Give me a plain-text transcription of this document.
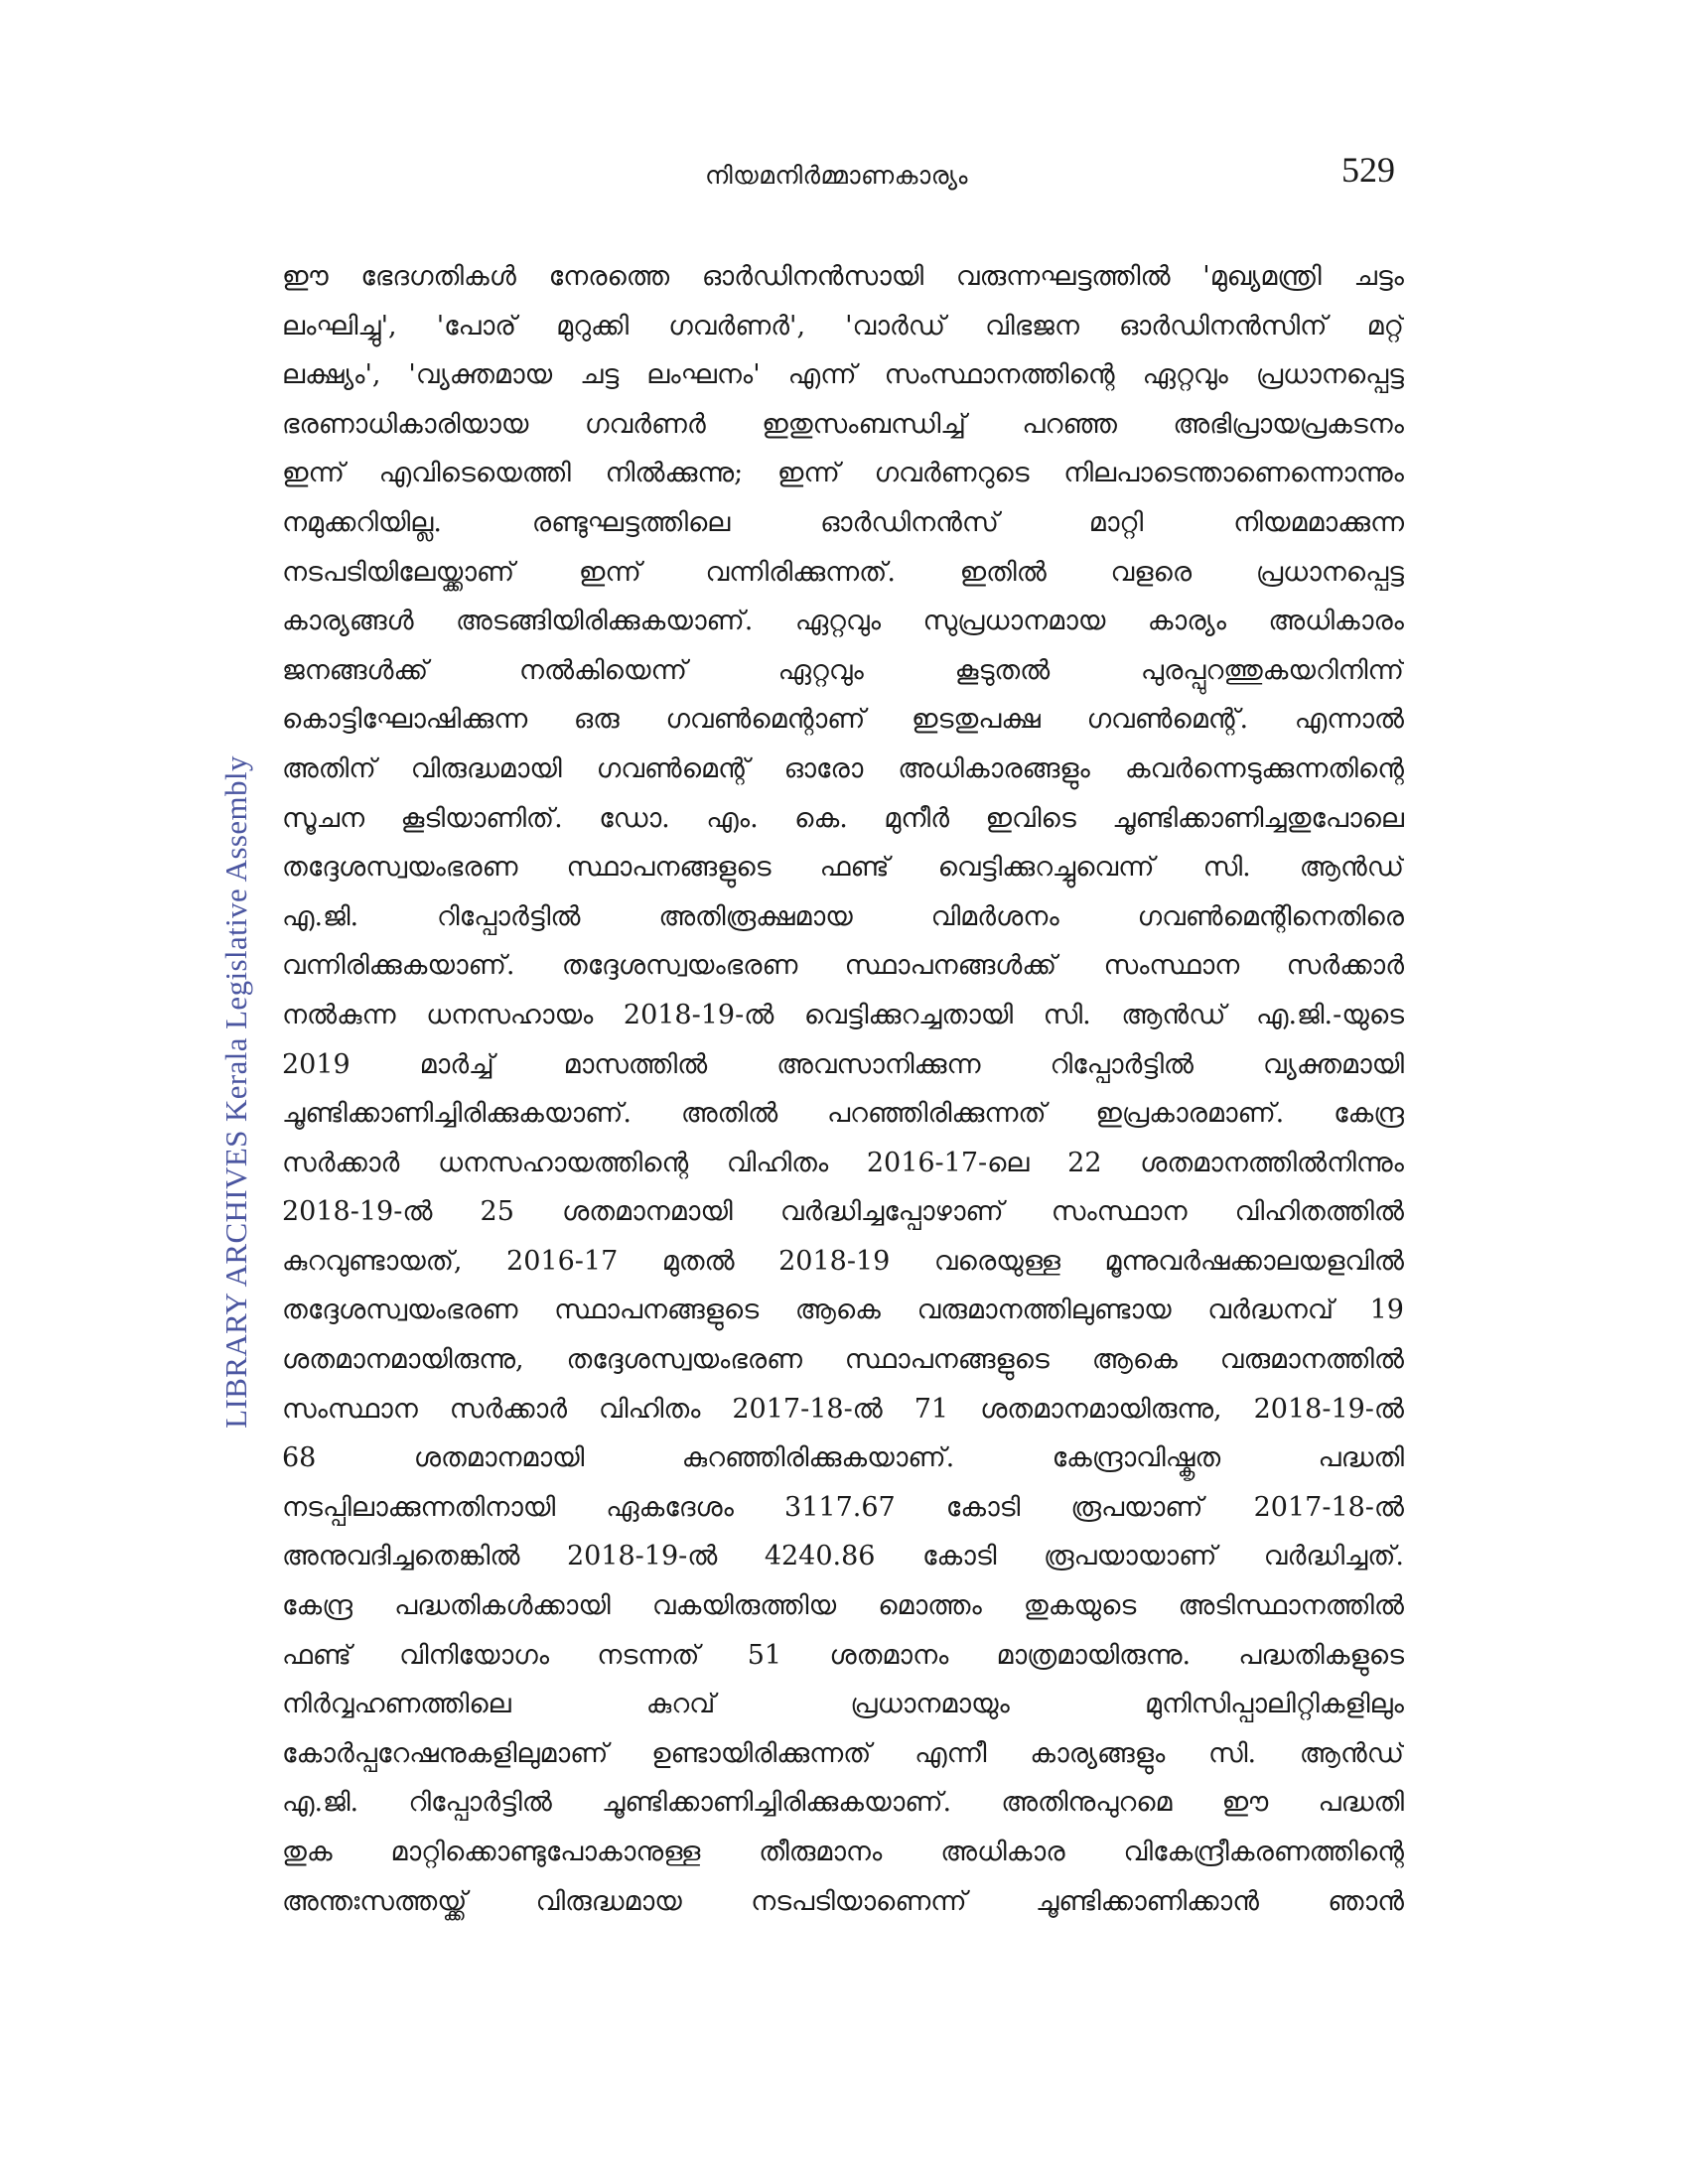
നിയമനിർമ്മാണകാര്യം	529
LIBRARY ARCHIVES Kerala Legislative Assembly
ഈ ഭേദഗതികൾ നേരത്തെ ഓർഡിനൻസായി വരുന്നഘട്ടത്തിൽ 'മുഖ്യമന്ത്രി ചട്ടം
ലംഘിച്ചു', 'പോര് മുറുക്കി ഗവർണർ', 'വാർഡ് വിഭജന ഓർഡിനൻസിന് മറ്റ്
ലക്ഷ്യം', 'വ്യക്തമായ ചട്ട ലംഘനം' എന്ന് സംസ്ഥാനത്തിന്റെ ഏറ്റവും പ്രധാനപ്പെട്ട
ഭരണാധികാരിയായ ഗവർണർ ഇതുസംബന്ധിച്ച് പറഞ്ഞ അഭിപ്രായപ്രകടനം
ഇന്ന് എവിടെയെത്തി നിൽക്കുന്നു; ഇന്ന് ഗവർണറുടെ നിലപാടെന്താണെന്നൊന്നും
നമുക്കറിയില്ല. രണ്ടുഘട്ടത്തിലെ ഓർഡിനൻസ് മാറ്റി നിയമമാക്കുന്ന
നടപടിയിലേയ്ക്കാണ് ഇന്ന് വന്നിരിക്കുന്നത്. ഇതിൽ വളരെ പ്രധാനപ്പെട്ട
കാര്യങ്ങൾ അടങ്ങിയിരിക്കുകയാണ്. ഏറ്റവും സുപ്രധാനമായ കാര്യം അധികാരം
ജനങ്ങൾക്ക് നൽകിയെന്ന് ഏറ്റവും കൂടുതൽ പുരപ്പുറത്തുകയറിനിന്ന്
കൊട്ടിഘോഷിക്കുന്ന ഒരു ഗവൺമെന്റാണ് ഇടതുപക്ഷ ഗവൺമെന്റ്. എന്നാൽ
അതിന് വിരുദ്ധമായി ഗവൺമെന്റ് ഓരോ അധികാരങ്ങളും കവർന്നെടുക്കുന്നതിന്റെ
സൂചന കൂടിയാണിത്. ഡോ. എം. കെ. മുനീർ ഇവിടെ ചൂണ്ടിക്കാണിച്ചതുപോലെ
തദ്ദേശസ്വയംഭരണ സ്ഥാപനങ്ങളുടെ ഫണ്ട് വെട്ടിക്കുറച്ചുവെന്ന് സി. ആൻഡ്
എ.ജി. റിപ്പോർട്ടിൽ അതിരൂക്ഷമായ വിമർശനം ഗവൺമെന്റിനെതിരെ
വന്നിരിക്കുകയാണ്. തദ്ദേശസ്വയംഭരണ സ്ഥാപനങ്ങൾക്ക് സംസ്ഥാന സർക്കാർ
നൽകുന്ന ധനസഹായം 2018-19-ൽ വെട്ടിക്കുറച്ചതായി സി. ആൻഡ് എ.ജി.-യുടെ
2019 മാർച്ച് മാസത്തിൽ അവസാനിക്കുന്ന റിപ്പോർട്ടിൽ വ്യക്തമായി
ചൂണ്ടിക്കാണിച്ചിരിക്കുകയാണ്. അതിൽ പറഞ്ഞിരിക്കുന്നത് ഇപ്രകാരമാണ്. കേന്ദ്ര
സർക്കാർ ധനസഹായത്തിന്റെ വിഹിതം 2016-17-ലെ 22 ശതമാനത്തിൽനിന്നും
2018-19-ൽ 25 ശതമാനമായി വർദ്ധിച്ചപ്പോഴാണ് സംസ്ഥാന വിഹിതത്തിൽ
കുറവുണ്ടായത്, 2016-17 മുതൽ 2018-19 വരെയുള്ള മൂന്നുവർഷക്കാലയളവിൽ
തദ്ദേശസ്വയംഭരണ സ്ഥാപനങ്ങളുടെ ആകെ വരുമാനത്തിലുണ്ടായ വർദ്ധനവ് 19
ശതമാനമായിരുന്നു, തദ്ദേശസ്വയംഭരണ സ്ഥാപനങ്ങളുടെ ആകെ വരുമാനത്തിൽ
സംസ്ഥാന സർക്കാർ വിഹിതം 2017-18-ൽ 71 ശതമാനമായിരുന്നു, 2018-19-ൽ
68 ശതമാനമായി കുറഞ്ഞിരിക്കുകയാണ്. കേന്ദ്രാവിഷ്കൃത പദ്ധതി
നടപ്പിലാക്കുന്നതിനായി ഏകദേശം 3117.67 കോടി രൂപയാണ് 2017-18-ൽ
അനുവദിച്ചതെങ്കിൽ 2018-19-ൽ 4240.86 കോടി രൂപയായാണ് വർദ്ധിച്ചത്.
കേന്ദ്ര പദ്ധതികൾക്കായി വകയിരുത്തിയ മൊത്തം തുകയുടെ അടിസ്ഥാനത്തിൽ
ഫണ്ട് വിനിയോഗം നടന്നത് 51 ശതമാനം മാത്രമായിരുന്നു. പദ്ധതികളുടെ
നിർവ്വഹണത്തിലെ കുറവ് പ്രധാനമായും മുനിസിപ്പാലിറ്റികളിലും
കോർപ്പറേഷനുകളിലുമാണ് ഉണ്ടായിരിക്കുന്നത് എന്നീ കാര്യങ്ങളും സി. ആൻഡ്
എ.ജി. റിപ്പോർട്ടിൽ ചൂണ്ടിക്കാണിച്ചിരിക്കുകയാണ്. അതിനുപുറമെ ഈ പദ്ധതി
തുക മാറ്റിക്കൊണ്ടുപോകാനുള്ള തീരുമാനം അധികാര വികേന്ദ്രീകരണത്തിന്റെ
അന്തഃസത്തയ്ക്ക് വിരുദ്ധമായ നടപടിയാണെന്ന് ചൂണ്ടിക്കാണിക്കാൻ ഞാൻ
